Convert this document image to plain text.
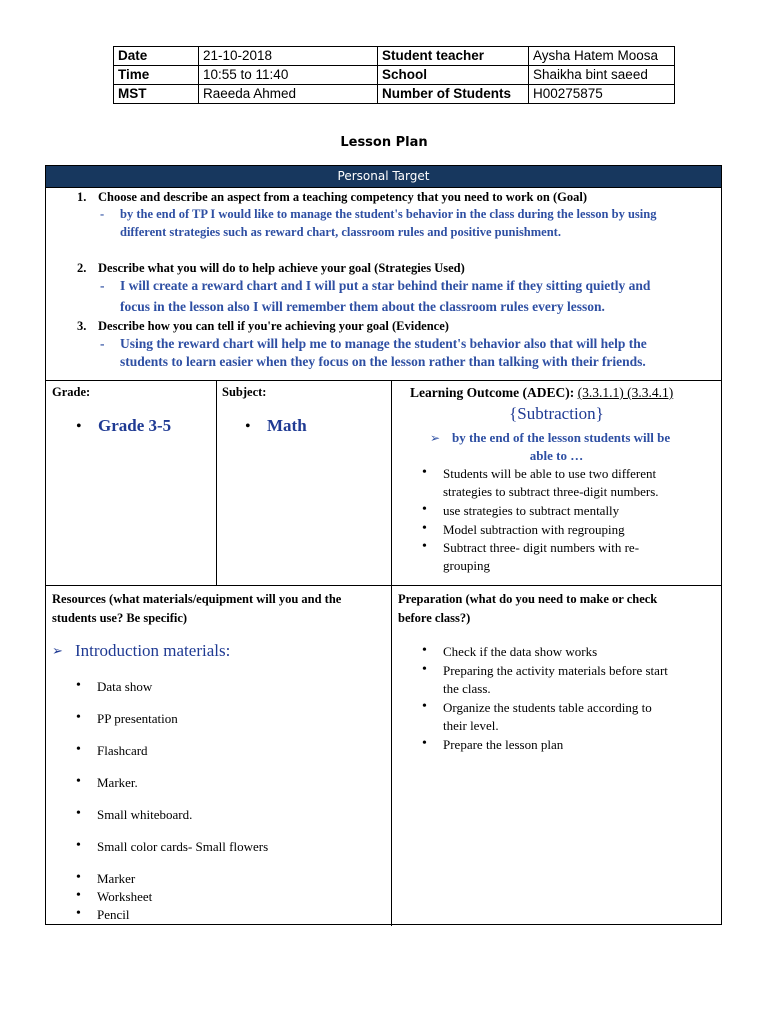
Date	21-10-2018	Student teacher	Aysha Hatem Moosa
Time	10:55 to 11:40	School	Shaikha bint saeed
MST	Raeeda Ahmed	Number of Students	H00275875
Lesson Plan
Personal Target
1. Choose and describe an aspect from a teaching competency that you need to work on (Goal)
- by the end of TP I would like to manage the student's behavior in the class during the lesson by using
different strategies such as reward chart, classroom rules and positive punishment.
2. Describe what you will do to help achieve your goal (Strategies Used)
- I will create a reward chart and I will put a star behind their name if they sitting quietly and
focus in the lesson also I will remember them about the classroom rules every lesson.
3. Describe how you can tell if you're achieving your goal (Evidence)
- Using the reward chart will help me to manage the student's behavior also that will help the
students to learn easier when they focus on the lesson rather than talking with their friends.
Grade:
• Grade 3-5
Subject:
• Math
Learning Outcome (ADEC): (3.3.1.1) (3.3.4.1)
{Subtraction}
➢ by the end of the lesson students will be
able to …
• Students will be able to use two different
strategies to subtract three-digit numbers.
• use strategies to subtract mentally
• Model subtraction with regrouping
• Subtract three- digit numbers with re-
grouping
Resources (what materials/equipment will you and the
students use? Be specific)
➢ Introduction materials:
• Data show
• PP presentation
• Flashcard
• Marker.
• Small whiteboard.
• Small color cards- Small flowers
• Marker
• Worksheet
• Pencil
Preparation (what do you need to make or check
before class?)
• Check if the data show works
• Preparing the activity materials before start
the class.
• Organize the students table according to
their level.
• Prepare the lesson plan
